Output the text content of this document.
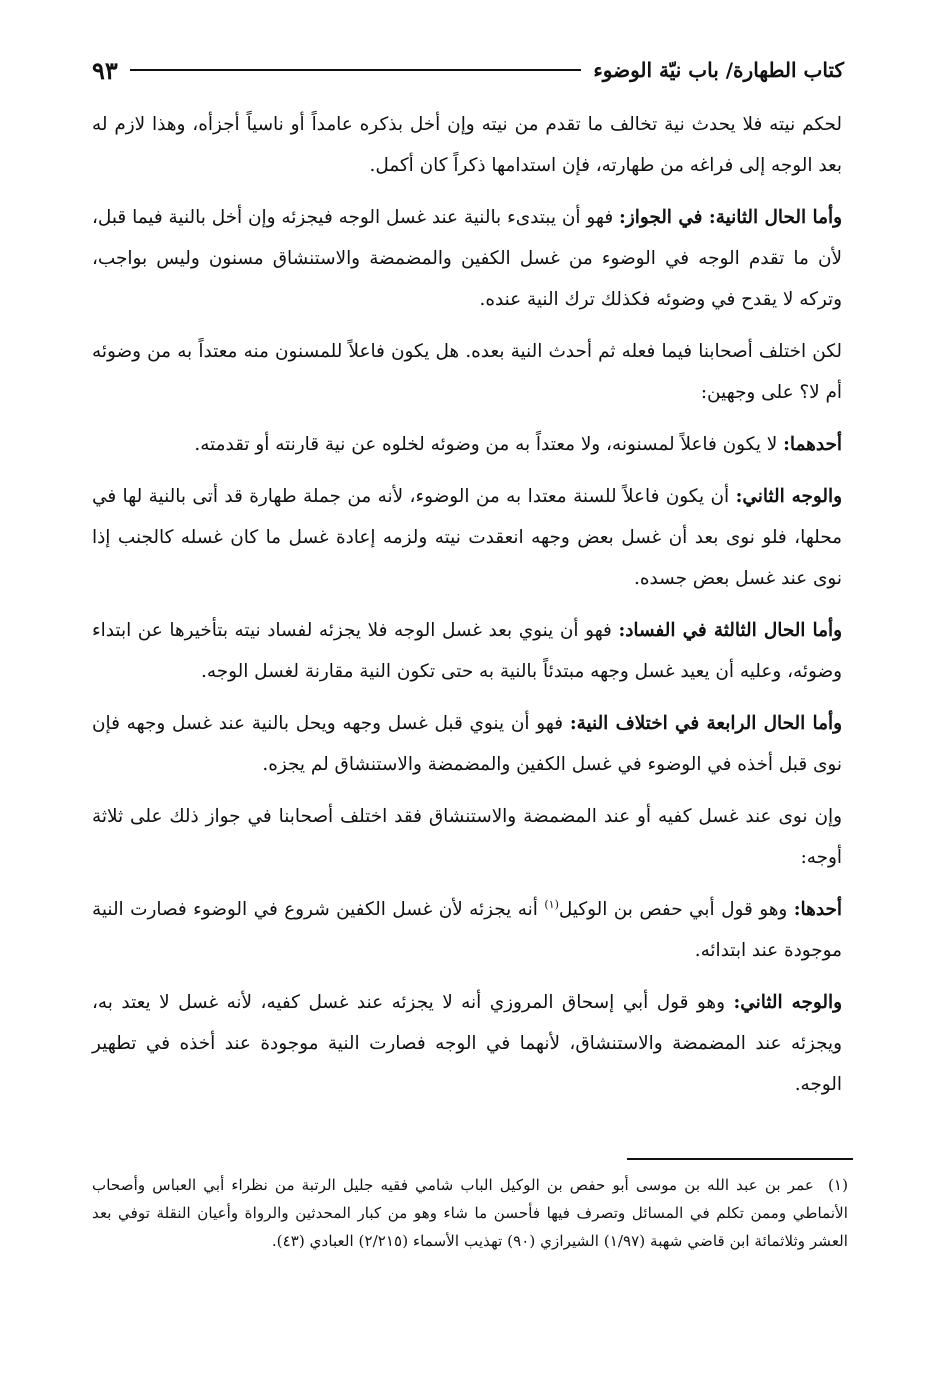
كتاب الطهارة/ باب نيّة الوضوء
٩٣

لحكم نيته فلا يحدث نية تخالف ما تقدم من نيته وإن أخل بذكره عامداً أو ناسياً أجزأه، وهذا لازم له بعد الوجه إلى فراغه من طهارته، فإن استدامها ذكراً كان أكمل.

وأما الحال الثانية: في الجواز: فهو أن يبتدىء بالنية عند غسل الوجه فيجزئه وإن أخل بالنية فيما قبل، لأن ما تقدم الوجه في الوضوء من غسل الكفين والمضمضة والاستنشاق مسنون وليس بواجب، وتركه لا يقدح في وضوئه فكذلك ترك النية عنده.

لكن اختلف أصحابنا فيما فعله ثم أحدث النية بعده. هل يكون فاعلاً للمسنون منه معتداً به من وضوئه أم لا؟ على وجهين:

أحدهما: لا يكون فاعلاً لمسنونه، ولا معتداً به من وضوئه لخلوه عن نية قارنته أو تقدمته.

والوجه الثاني: أن يكون فاعلاً للسنة معتدا به من الوضوء، لأنه من جملة طهارة قد أتى بالنية لها في محلها، فلو نوى بعد أن غسل بعض وجهه انعقدت نيته ولزمه إعادة غسل ما كان غسله كالجنب إذا نوى عند غسل بعض جسده.

وأما الحال الثالثة في الفساد: فهو أن ينوي بعد غسل الوجه فلا يجزئه لفساد نيته بتأخيرها عن ابتداء وضوئه، وعليه أن يعيد غسل وجهه مبتدئاً بالنية به حتى تكون النية مقارنة لغسل الوجه.

وأما الحال الرابعة في اختلاف النية: فهو أن ينوي قبل غسل وجهه ويحل بالنية عند غسل وجهه فإن نوى قبل أخذه في الوضوء في غسل الكفين والمضمضة والاستنشاق لم يجزه.

وإن نوى عند غسل كفيه أو عند المضمضة والاستنشاق فقد اختلف أصحابنا في جواز ذلك على ثلاثة أوجه:

أحدها: وهو قول أبي حفص بن الوكيل$^{(١)}$ أنه يجزئه لأن غسل الكفين شروع في الوضوء فصارت النية موجودة عند ابتدائه.

والوجه الثاني: وهو قول أبي إسحاق المروزي أنه لا يجزئه عند غسل كفيه، لأنه غسل لا يعتد به، ويجزئه عند المضمضة والاستنشاق، لأنهما في الوجه فصارت النية موجودة عند أخذه في تطهير الوجه.

(١)عمر بن عبد الله بن موسى أبو حفص بن الوكيل الباب شامي فقيه جليل الرتبة من نظراء أبي العباس وأصحاب الأنماطي وممن تكلم في المسائل وتصرف فيها فأحسن ما شاء وهو من كبار المحدثين والرواة وأعيان النقلة توفي بعد العشر وثلاثمائة ابن قاضي شهبة (١/٩٧) الشيرازي (٩٠) تهذيب الأسماء (٢/٢١٥) العبادي (٤٣).
